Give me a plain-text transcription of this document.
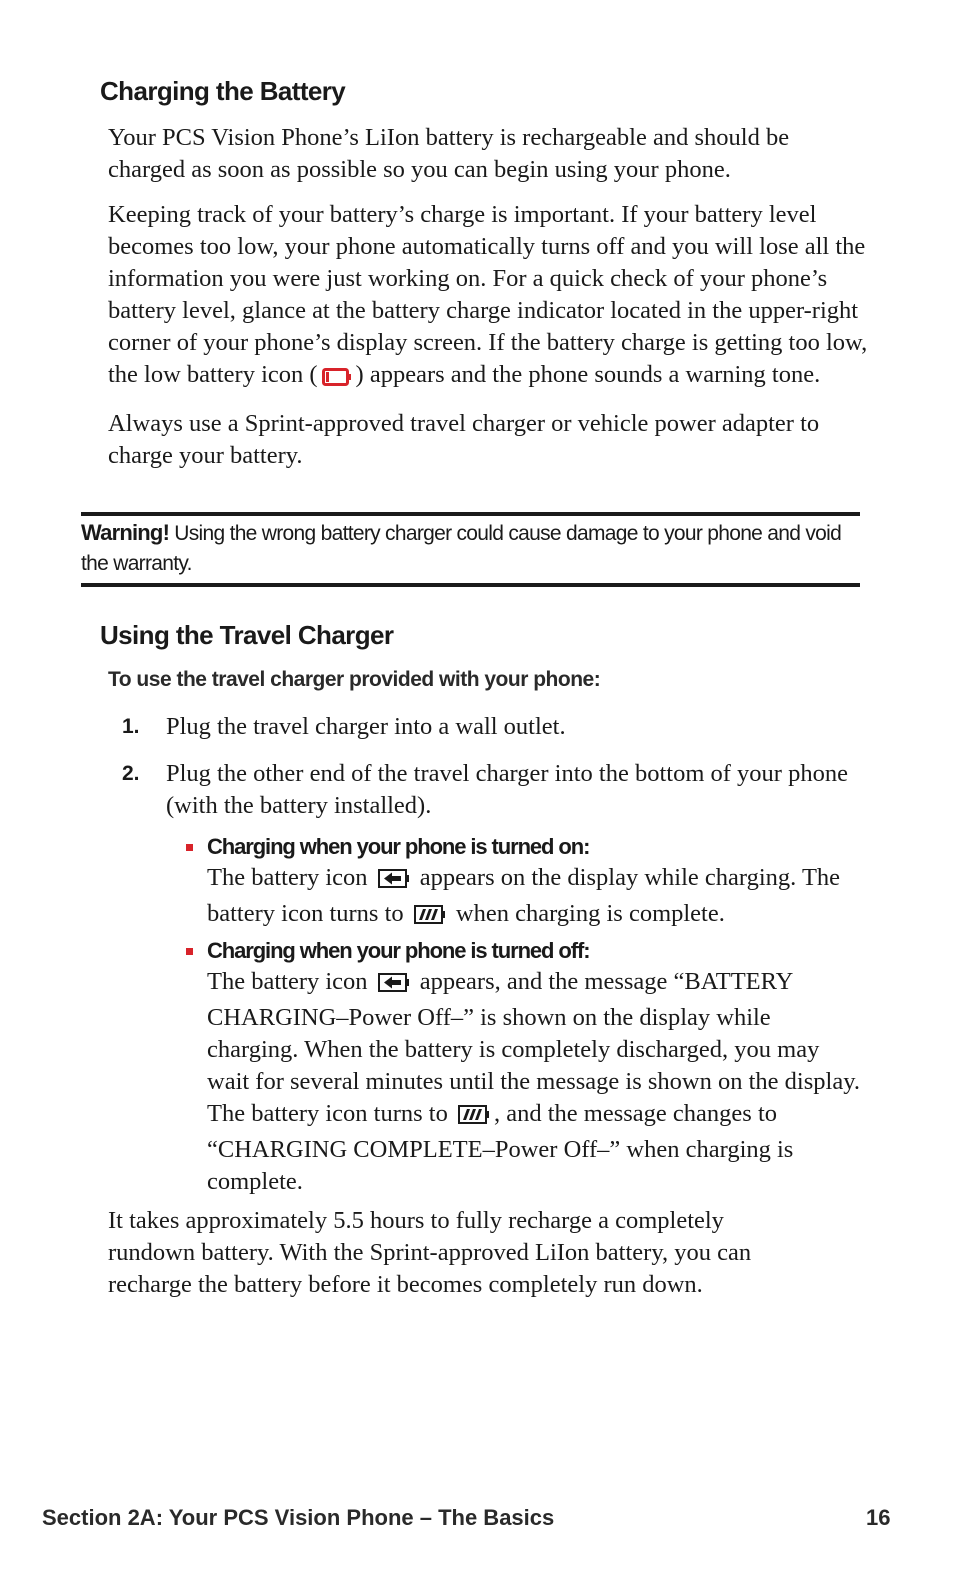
Charging the Battery

Your PCS Vision Phone’s LiIon battery is rechargeable and should be charged as soon as possible so you can begin using your phone.

Keeping track of your battery’s charge is important. If your battery level becomes too low, your phone automatically turns off and you will lose all the information you were just working on. For a quick check of your phone’s battery level, glance at the battery charge indicator located in the upper-right corner of your phone’s display screen. If the battery charge is getting too low, the low battery icon ( ) appears and the phone sounds a warning tone.

Always use a Sprint-approved travel charger or vehicle power adapter to charge your battery.

Warning! Using the wrong battery charger could cause damage to your phone and void the warranty.
Using the Travel Charger
To use the travel charger provided with your phone:
1. Plug the travel charger into a wall outlet.
2. Plug the other end of the travel charger into the bottom of your phone (with the battery installed).
Charging when your phone is turned on:
The battery icon  appears on the display while charging. The battery icon turns to  when charging is complete.
Charging when your phone is turned off:
The battery icon  appears, and the message “BATTERY CHARGING–Power Off–” is shown on the display while charging. When the battery is completely discharged, you may wait for several minutes until the message is shown on the display. The battery icon turns to , and the message changes to “CHARGING COMPLETE–Power Off–” when charging is complete.

It takes approximately 5.5 hours to fully recharge a completely rundown battery. With the Sprint-approved LiIon battery, you can recharge the battery before it becomes completely run down.

Section 2A: Your PCS Vision Phone – The Basics	16
